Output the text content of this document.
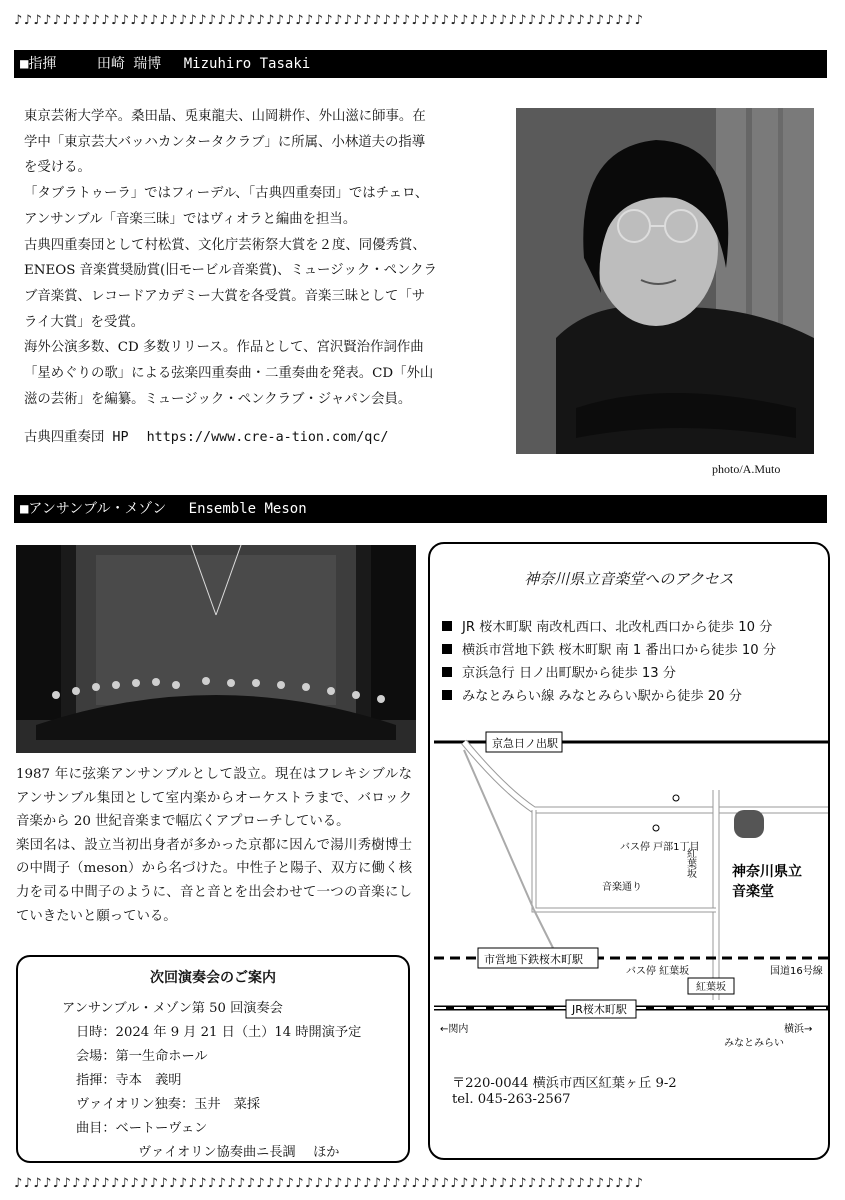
♪♪♪♪♪♪♪♪♪♪♪♪♪♪♪♪♪♪♪♪♪♪♪♪♪♪♪♪♪♪♪♪♪♪♪♪♪♪♪♪♪♪♪♪♪♪♪♪♪♪♪♪♪♪♪♪♪♪♪♪♪♪♪♪♪
■指揮	田崎 瑞博 Mizuhiro Tasaki

東京芸術大学卒。桑田晶、兎東龍夫、山岡耕作、外山滋に師事。在

学中「東京芸大バッハカンタータクラブ」に所属、小林道夫の指導

を受ける。

「タブラトゥーラ」ではフィーデル、「古典四重奏団」ではチェロ、

アンサンブル「音楽三昧」ではヴィオラと編曲を担当。

古典四重奏団として村松賞、文化庁芸術祭大賞を２度、同優秀賞、

ENEOS 音楽賞奨励賞(旧モービル音楽賞)、ミュージック・ペンクラ

ブ音楽賞、レコードアカデミー大賞を各受賞。音楽三昧として「サ

ライ大賞」を受賞。

海外公演多数、CD 多数リリース。作品として、宮沢賢治作詞作曲

「星めぐりの歌」による弦楽四重奏曲・二重奏曲を発表。CD「外山

滋の芸術」を編纂。ミュージック・ペンクラブ・ジャパン会員。

古典四重奏団 HP https://www.cre-a-tion.com/qc/
photo/A.Muto
■アンサンブル・メゾン Ensemble Meson

1987 年に弦楽アンサンブルとして設立。現在はフレキシブルなアンサンブル集団として室内楽からオーケストラまで、バロック音楽から 20 世紀音楽まで幅広くアプローチしている。

楽団名は、設立当初出身者が多かった京都に因んで湯川秀樹博士の中間子（meson）から名づけた。中性子と陽子、双方に働く核力を司る中間子のように、音と音とを出会わせて一つの音楽にしていきたいと願っている。

次回演奏会のご案内
アンサンブル・メゾン第 50 回演奏会
日時：2024 年 9 月 21 日（土）14 時開演予定
会場：第一生命ホール
指揮：寺本　義明
ヴァイオリン独奏：玉井　菜採
曲目：ベートーヴェン
ヴァイオリン協奏曲ニ長調　 ほか
神奈川県立音楽堂へのアクセス
JR 桜木町駅 南改札西口、北改札西口から徒歩 10 分
横浜市営地下鉄 桜木町駅 南 1 番出口から徒歩 10 分
京浜急行 日ノ出町駅から徒歩 13 分
みなとみらい線 みなとみらい駅から徒歩 20 分
京急日ノ出駅
バス停 戸部1丁目
紅葉坂	神奈川県立
音楽堂
音楽通り
市営地下鉄桜木町駅
バス停 紅葉坂	国道16号線
紅葉坂
JR桜木町駅
←関内	横浜→
みなとみらい
〒220-0044 横浜市西区紅葉ヶ丘 9-2
tel. 045-263-2567
♪♪♪♪♪♪♪♪♪♪♪♪♪♪♪♪♪♪♪♪♪♪♪♪♪♪♪♪♪♪♪♪♪♪♪♪♪♪♪♪♪♪♪♪♪♪♪♪♪♪♪♪♪♪♪♪♪♪♪♪♪♪♪♪♪
